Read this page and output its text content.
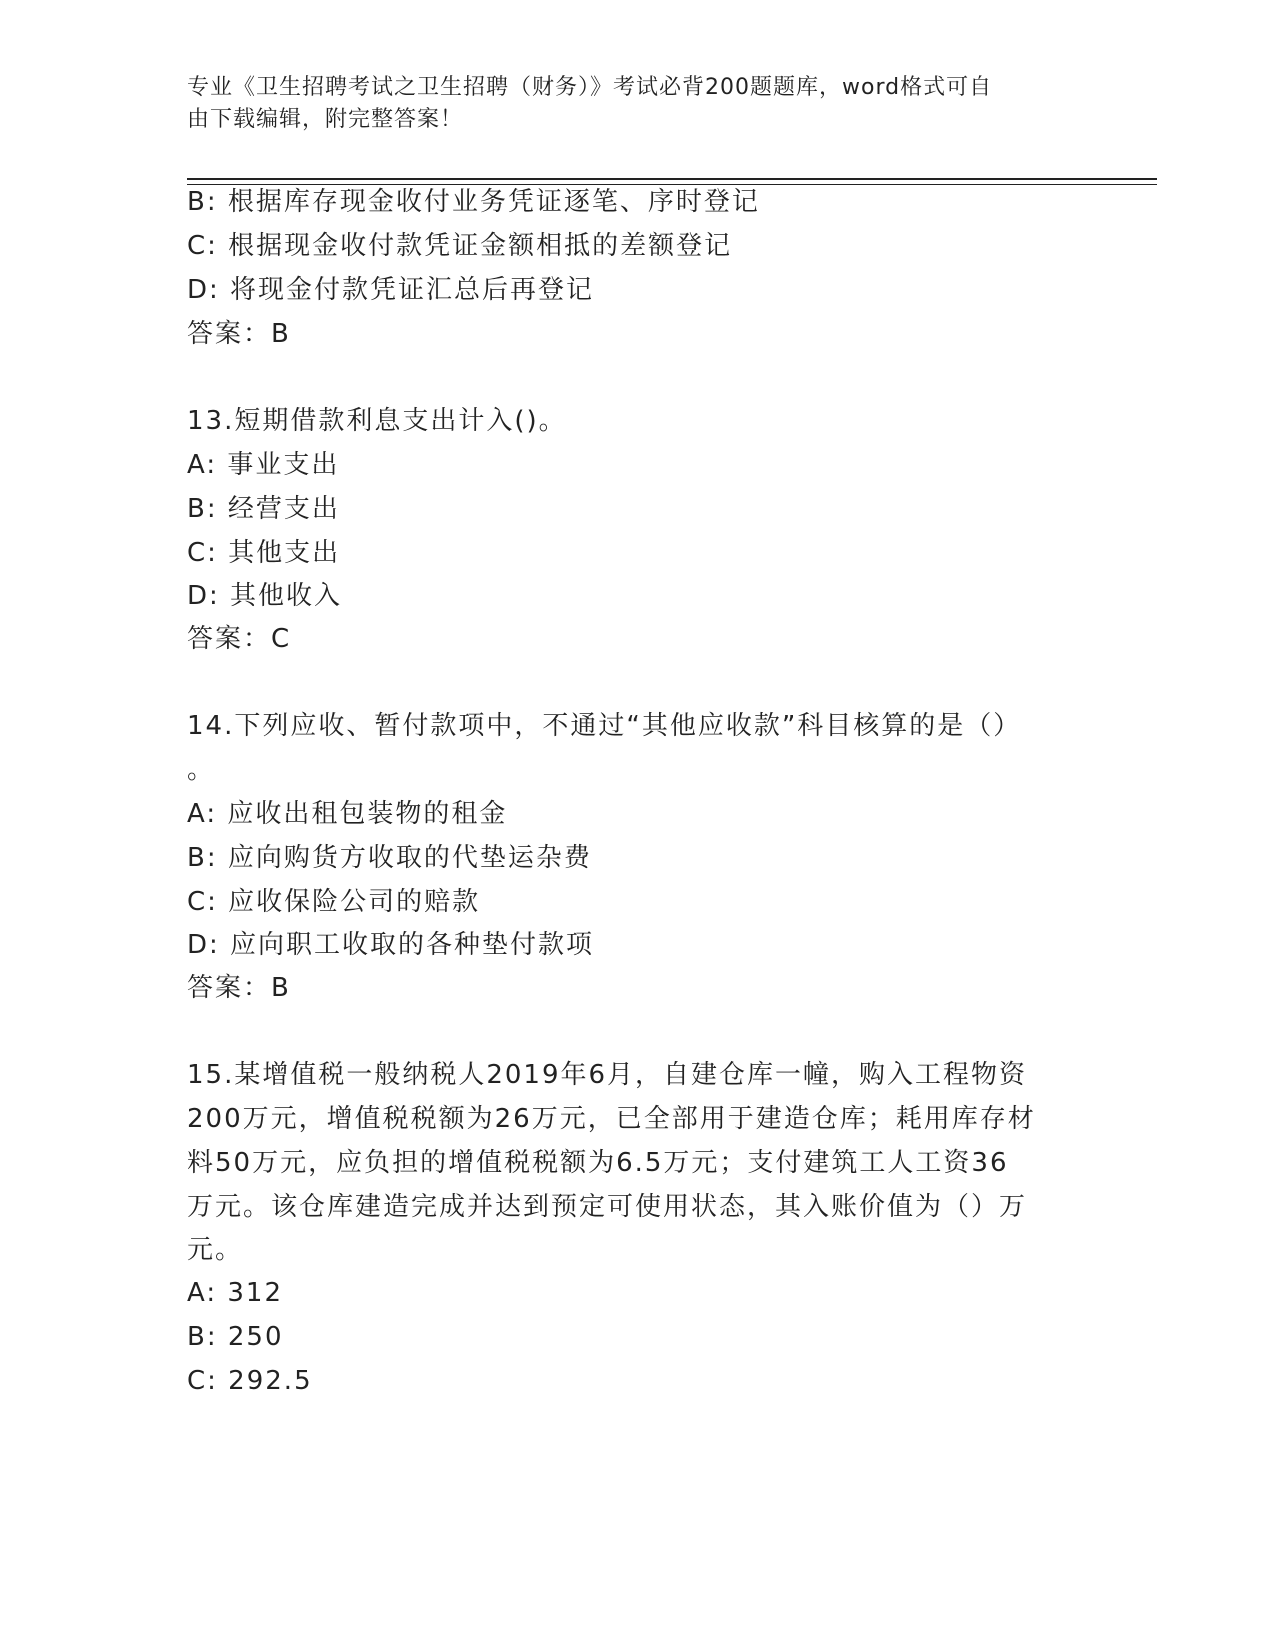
专业《卫生招聘考试之卫生招聘（财务）》考试必背200题题库，word格式可自
由下载编辑，附完整答案！
B: 根据库存现金收付业务凭证逐笔、序时登记
C: 根据现金收付款凭证金额相抵的差额登记
D: 将现金付款凭证汇总后再登记
答案：B
13.短期借款利息支出计入()。
A: 事业支出
B: 经营支出
C: 其他支出
D: 其他收入
答案：C
14.下列应收、暂付款项中，不通过“其他应收款”科目核算的是（）
。
A: 应收出租包装物的租金
B: 应向购货方收取的代垫运杂费
C: 应收保险公司的赔款
D: 应向职工收取的各种垫付款项
答案：B
15.某增值税一般纳税人2019年6月，自建仓库一幢，购入工程物资
200万元，增值税税额为26万元，已全部用于建造仓库；耗用库存材
料50万元，应负担的增值税税额为6.5万元；支付建筑工人工资36
万元。该仓库建造完成并达到预定可使用状态，其入账价值为（）万
元。
A: 312
B: 250
C: 292.5
